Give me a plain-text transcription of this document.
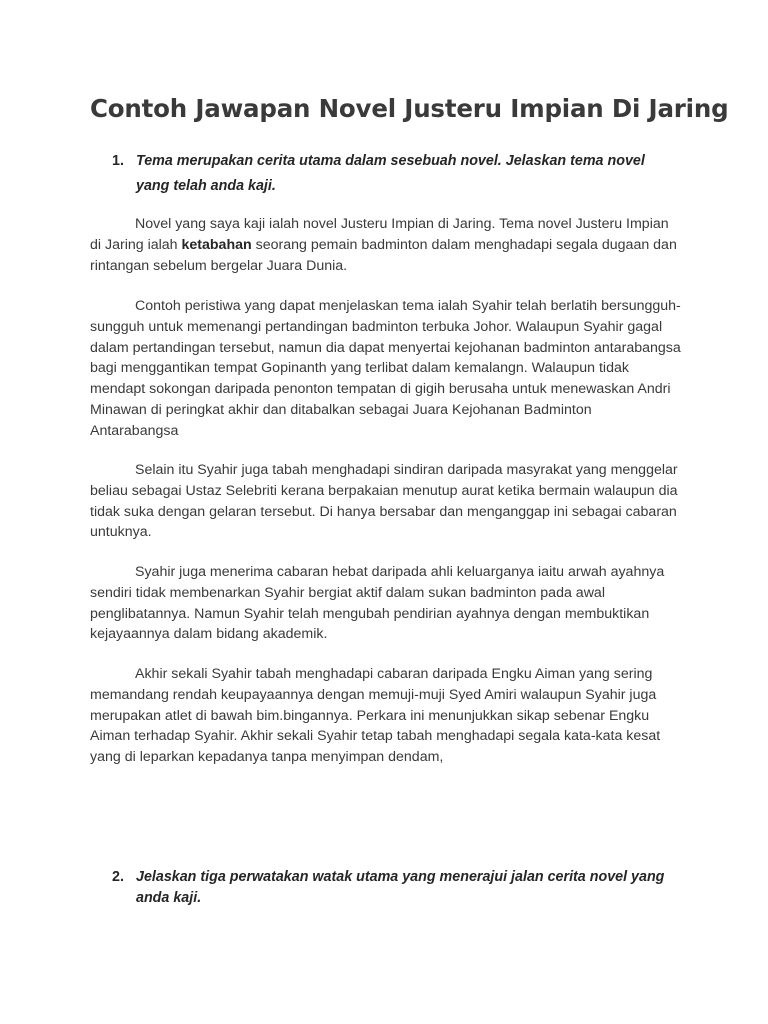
Contoh Jawapan Novel Justeru Impian Di Jaring
1. Tema merupakan cerita utama dalam sesebuah novel. Jelaskan tema novel yang telah anda kaji.

Novel yang saya kaji ialah novel Justeru Impian di Jaring. Tema novel Justeru Impian di Jaring ialah ketabahan seorang pemain badminton dalam menghadapi segala dugaan dan rintangan sebelum bergelar Juara Dunia.

Contoh peristiwa yang dapat menjelaskan tema ialah Syahir telah berlatih bersungguh-sungguh untuk memenangi pertandingan badminton terbuka Johor. Walaupun Syahir gagal dalam pertandingan tersebut, namun dia dapat menyertai kejohanan badminton antarabangsa bagi menggantikan tempat Gopinanth yang terlibat dalam kemalangn. Walaupun tidak mendapt sokongan daripada penonton tempatan di gigih berusaha untuk menewaskan Andri Minawan di peringkat akhir dan ditabalkan sebagai Juara Kejohanan Badminton Antarabangsa

Selain itu Syahir juga tabah menghadapi sindiran daripada masyrakat yang menggelar beliau sebagai Ustaz Selebriti kerana berpakaian menutup aurat ketika bermain walaupun dia tidak suka dengan gelaran tersebut. Di hanya bersabar dan menganggap ini sebagai cabaran untuknya.

Syahir juga menerima cabaran hebat daripada ahli keluarganya iaitu arwah ayahnya sendiri tidak membenarkan Syahir bergiat aktif dalam sukan badminton pada awal penglibatannya. Namun Syahir telah mengubah pendirian ayahnya dengan membuktikan kejayaannya dalam bidang akademik.

Akhir sekali Syahir tabah menghadapi cabaran daripada Engku Aiman yang sering memandang rendah keupayaannya dengan memuji-muji Syed Amiri walaupun Syahir juga merupakan atlet di bawah bim.bingannya. Perkara ini menunjukkan sikap sebenar Engku Aiman terhadap Syahir. Akhir sekali Syahir tetap tabah menghadapi segala kata-kata kesat yang di leparkan kepadanya tanpa menyimpan dendam,

2. Jelaskan tiga perwatakan watak utama yang menerajui jalan cerita novel yang anda kaji.
